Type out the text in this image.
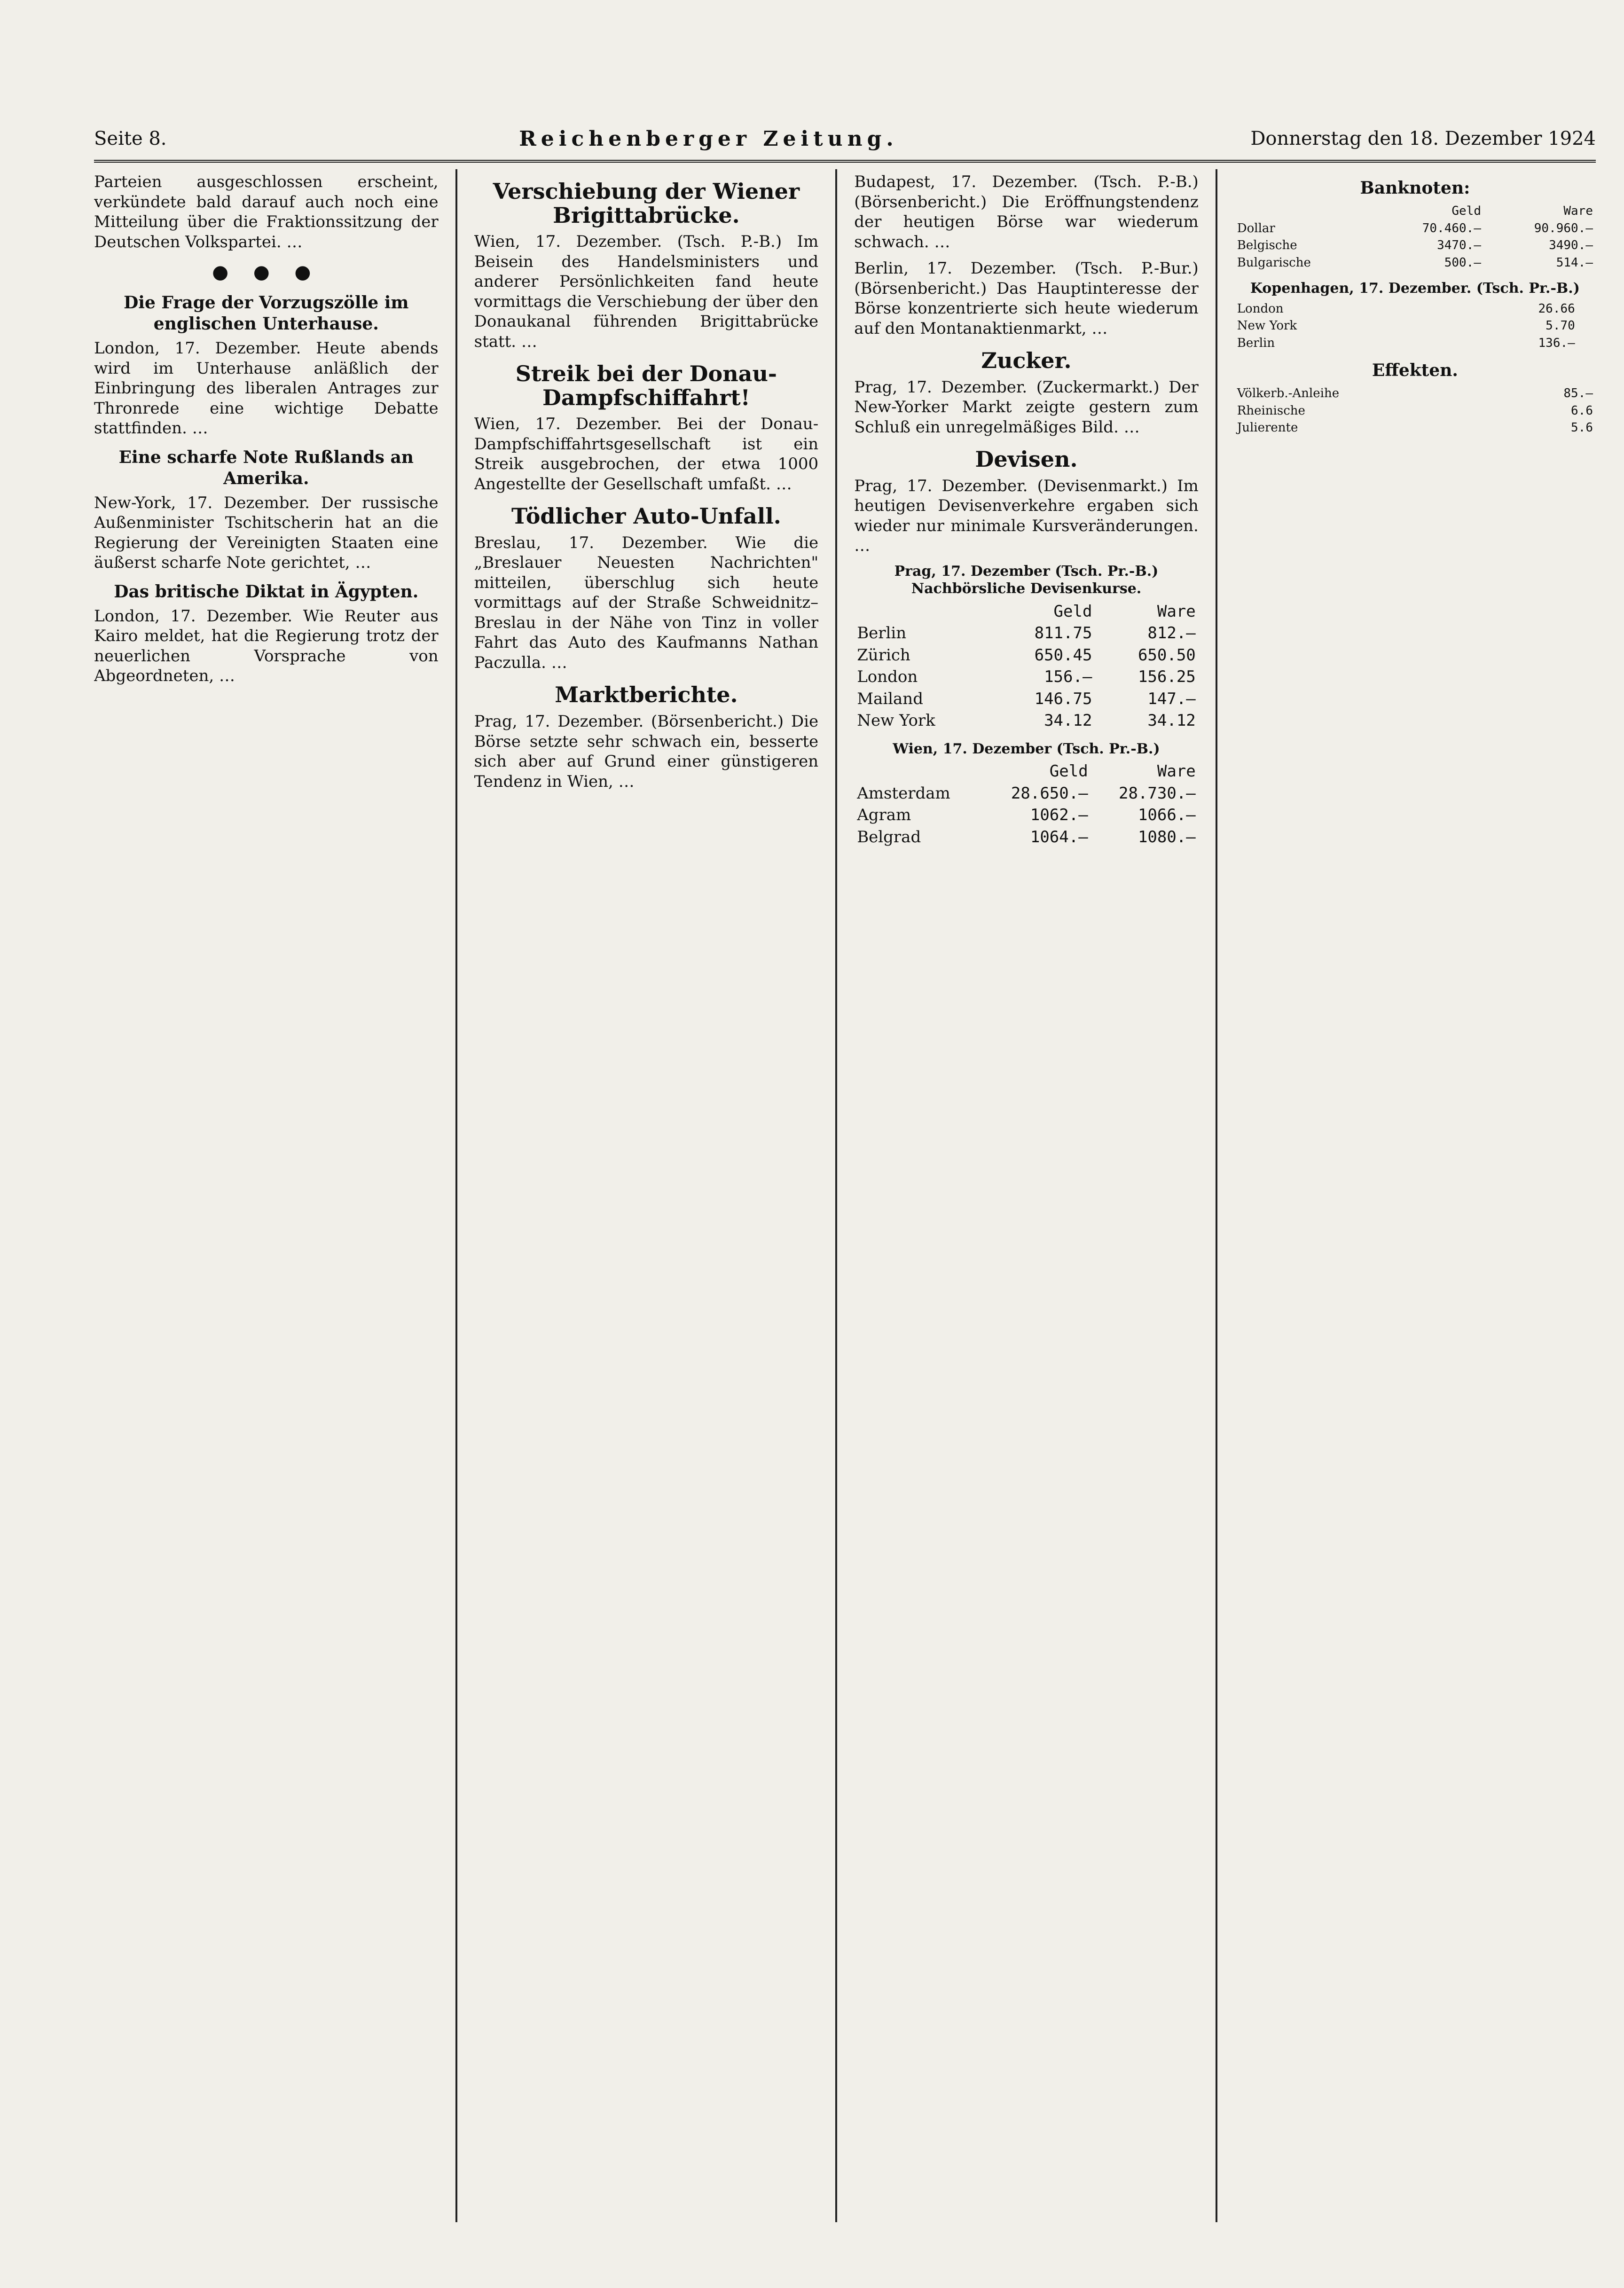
Seite 8.	Reichenberger Zeitung.	Donnerstag den 18. Dezember 1924

Parteien ausgeschlossen erscheint, verkündete bald darauf auch noch eine Mitteilung über die Fraktionssitzung der Deutschen Volkspartei. …

● ● ●
Die Frage der Vorzugszölle im englischen Unterhause.

London, 17. Dezember. Heute abends wird im Unterhause anläßlich der Einbringung des liberalen Antrages zur Thronrede eine wichtige Debatte stattfinden. …

Eine scharfe Note Rußlands an Amerika.

New-York, 17. Dezember. Der russische Außenminister Tschitscherin hat an die Regierung der Vereinigten Staaten eine äußerst scharfe Note gerichtet, …

Das britische Diktat in Ägypten.

London, 17. Dezember. Wie Reuter aus Kairo meldet, hat die Regierung trotz der neuerlichen Vorsprache von Abgeordneten, …

Verschiebung der Wiener Brigittabrücke.

Wien, 17. Dezember. (Tsch. P.-B.) Im Beisein des Handelsministers und anderer Persönlichkeiten fand heute vormittags die Verschiebung der über den Donaukanal führenden Brigittabrücke statt. …

Streik bei der Donau-Dampfschiffahrt!

Wien, 17. Dezember. Bei der Donau-Dampfschiffahrtsgesellschaft ist ein Streik ausgebrochen, der etwa 1000 Angestellte der Gesellschaft umfaßt. …

Tödlicher Auto-Unfall.

Breslau, 17. Dezember. Wie die „Breslauer Neuesten Nachrichten" mitteilen, überschlug sich heute vormittags auf der Straße Schweidnitz–Breslau in der Nähe von Tinz in voller Fahrt das Auto des Kaufmanns Nathan Paczulla. …

Marktberichte.

Prag, 17. Dezember. (Börsenbericht.) Die Börse setzte sehr schwach ein, besserte sich aber auf Grund einer günstigeren Tendenz in Wien, …

Budapest, 17. Dezember. (Tsch. P.-B.) (Börsenbericht.) Die Eröffnungstendenz der heutigen Börse war wiederum schwach. …

Berlin, 17. Dezember. (Tsch. P.-Bur.) (Börsenbericht.) Das Hauptinteresse der Börse konzentrierte sich heute wiederum auf den Montanaktienmarkt, …

Zucker.

Prag, 17. Dezember. (Zuckermarkt.) Der New-Yorker Markt zeigte gestern zum Schluß ein unregelmäßiges Bild. …

Devisen.

Prag, 17. Dezember. (Devisenmarkt.) Im heutigen Devisenverkehre ergaben sich wieder nur minimale Kursveränderungen. …

Prag, 17. Dezember (Tsch. Pr.-B.) Nachbörsliche Devisenkurse.
	Geld	Ware
Berlin	811.75	812.—
Zürich	650.45	650.50
London	156.—	156.25
Mailand	146.75	147.—
New York	34.12	34.12
Wien, 17. Dezember (Tsch. Pr.-B.)
	Geld	Ware
Amsterdam	28.650.—	28.730.—
Agram	1062.—	1066.—
Belgrad	1064.—	1080.—
Banknoten:
	Geld	Ware
Dollar	70.460.—	90.960.—
Belgische	3470.—	3490.—
Bulgarische	500.—	514.—
Kopenhagen, 17. Dezember. (Tsch. Pr.-B.)
London	26.66	
New York	5.70	
Berlin	136.—	
Effekten.
Völkerb.-Anleihe	85.—
Rheinische	6.6
Julierente	5.6
